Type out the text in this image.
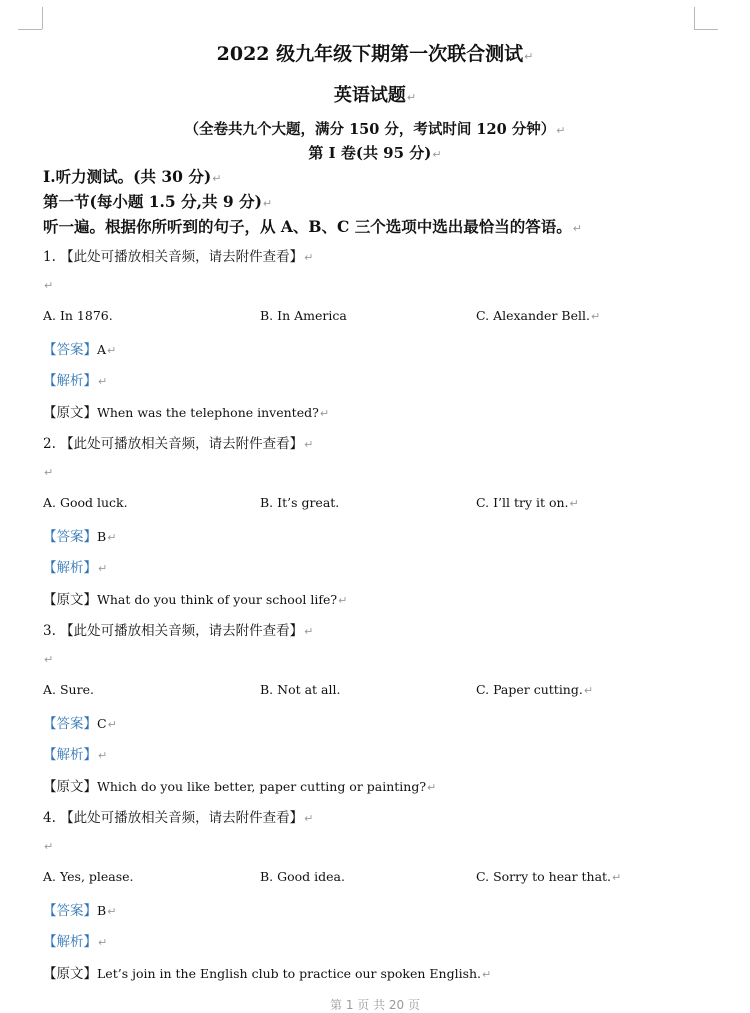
2022 级九年级下期第一次联合测试↵
英语试题↵
（全卷共九个大题，满分 150 分，考试时间 120 分钟）↵
第 I 卷(共 95 分)↵
I.听力测试。(共 30 分)↵
第一节(每小题 1.5 分,共 9 分)↵
听一遍。根据你所听到的句子，从 A、B、C 三个选项中选出最恰当的答语。↵
1. 【此处可播放相关音频，请去附件查看】↵
↵
A. In 1876.	B. In America	C. Alexander Bell.↵
【答案】A↵
【解析】↵
【原文】When was the telephone invented?↵
2. 【此处可播放相关音频，请去附件查看】↵
↵
A. Good luck.	B. It’s great.	C. I’ll try it on.↵
【答案】B↵
【解析】↵
【原文】What do you think of your school life?↵
3. 【此处可播放相关音频，请去附件查看】↵
↵
A. Sure.	B. Not at all.	C. Paper cutting.↵
【答案】C↵
【解析】↵
【原文】Which do you like better, paper cutting or painting?↵
4. 【此处可播放相关音频，请去附件查看】↵
↵
A. Yes, please.	B. Good idea.	C. Sorry to hear that.↵
【答案】B↵
【解析】↵
【原文】Let’s join in the English club to practice our spoken English.↵
第 1 页 共 20 页
